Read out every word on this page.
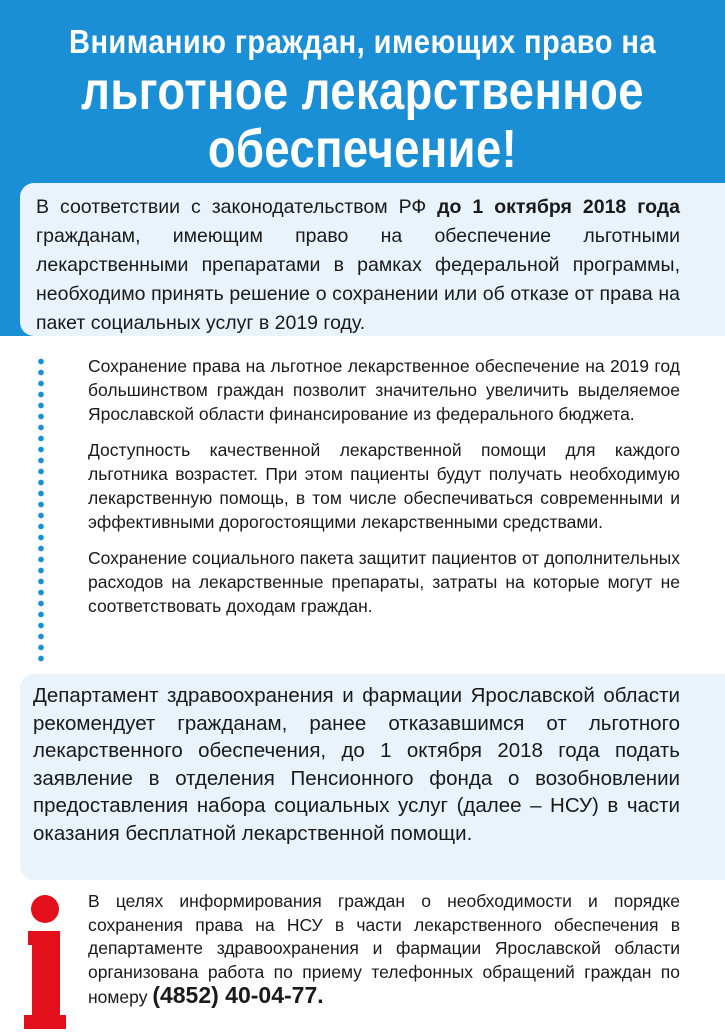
Вниманию граждан, имеющих право на
льготное лекарственное
обеспечение!

В соответствии с законодательством РФ до 1 октября 2018 года гражданам, имеющим право на обеспечение льготными лекарственными препаратами в рамках федеральной программы, необходимо принять решение о сохранении или об отказе от права на пакет социальных услуг в 2019 году.

Сохранение права на льготное лекарственное обеспечение на 2019 год большинством граждан позволит значительно увеличить выделяемое Ярославской области финансирование из федерального бюджета.

Доступность качественной лекарственной помощи для каждого льготника возрастет. При этом пациенты будут получать необходимую лекарственную помощь, в том числе обеспечиваться современными и эффективными дорогостоящими лекарственными средствами.

Сохранение социального пакета защитит пациентов от дополнительных расходов на лекарственные препараты, затраты на которые могут не соответствовать доходам граждан.

Департамент здравоохранения и фармации Ярославской области рекомендует гражданам, ранее отказавшимся от льготного лекарственного обеспечения, до 1 октября 2018 года подать заявление в отделения Пенсионного фонда о возобновлении предоставления набора социальных услуг (далее – НСУ) в части оказания бесплатной лекарственной помощи.

В целях информирования граждан о необходимости и порядке сохранения права на НСУ в части лекарственного обеспечения в департаменте здравоохранения и фармации Ярославской области организована работа по приему телефонных обращений граждан по номеру (4852) 40-04-77.
